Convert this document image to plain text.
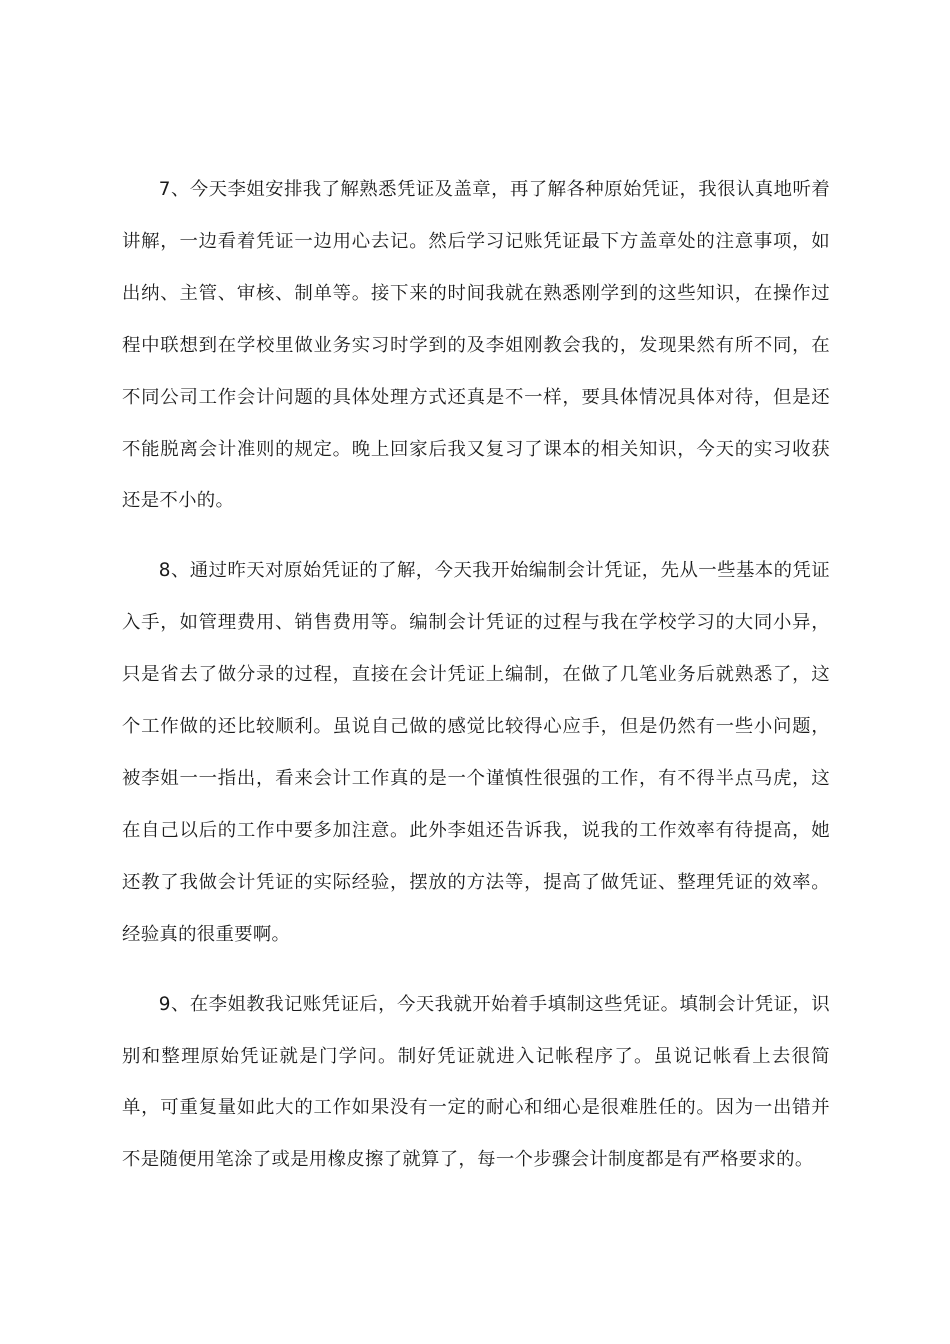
7、今天李姐安排我了解熟悉凭证及盖章，再了解各种原始凭证，我很认真地听着讲解，一边看着凭证一边用心去记。然后学习记账凭证最下方盖章处的注意事项，如出纳、主管、审核、制单等。接下来的时间我就在熟悉刚学到的这些知识，在操作过程中联想到在学校里做业务实习时学到的及李姐刚教会我的，发现果然有所不同，在不同公司工作会计问题的具体处理方式还真是不一样，要具体情况具体对待，但是还不能脱离会计准则的规定。晚上回家后我又复习了课本的相关知识，今天的实习收获还是不小的。

8、通过昨天对原始凭证的了解，今天我开始编制会计凭证，先从一些基本的凭证入手，如管理费用、销售费用等。编制会计凭证的过程与我在学校学习的大同小异，只是省去了做分录的过程，直接在会计凭证上编制，在做了几笔业务后就熟悉了，这个工作做的还比较顺利。虽说自己做的感觉比较得心应手，但是仍然有一些小问题，被李姐一一指出，看来会计工作真的是一个谨慎性很强的工作，有不得半点马虎，这在自己以后的工作中要多加注意。此外李姐还告诉我，说我的工作效率有待提高，她还教了我做会计凭证的实际经验，摆放的方法等，提高了做凭证、整理凭证的效率。经验真的很重要啊。

9、在李姐教我记账凭证后，今天我就开始着手填制这些凭证。填制会计凭证，识别和整理原始凭证就是门学问。制好凭证就进入记帐程序了。虽说记帐看上去很简单，可重复量如此大的工作如果没有一定的耐心和细心是很难胜任的。因为一出错并不是随便用笔涂了或是用橡皮擦了就算了，每一个步骤会计制度都是有严格要求的。
